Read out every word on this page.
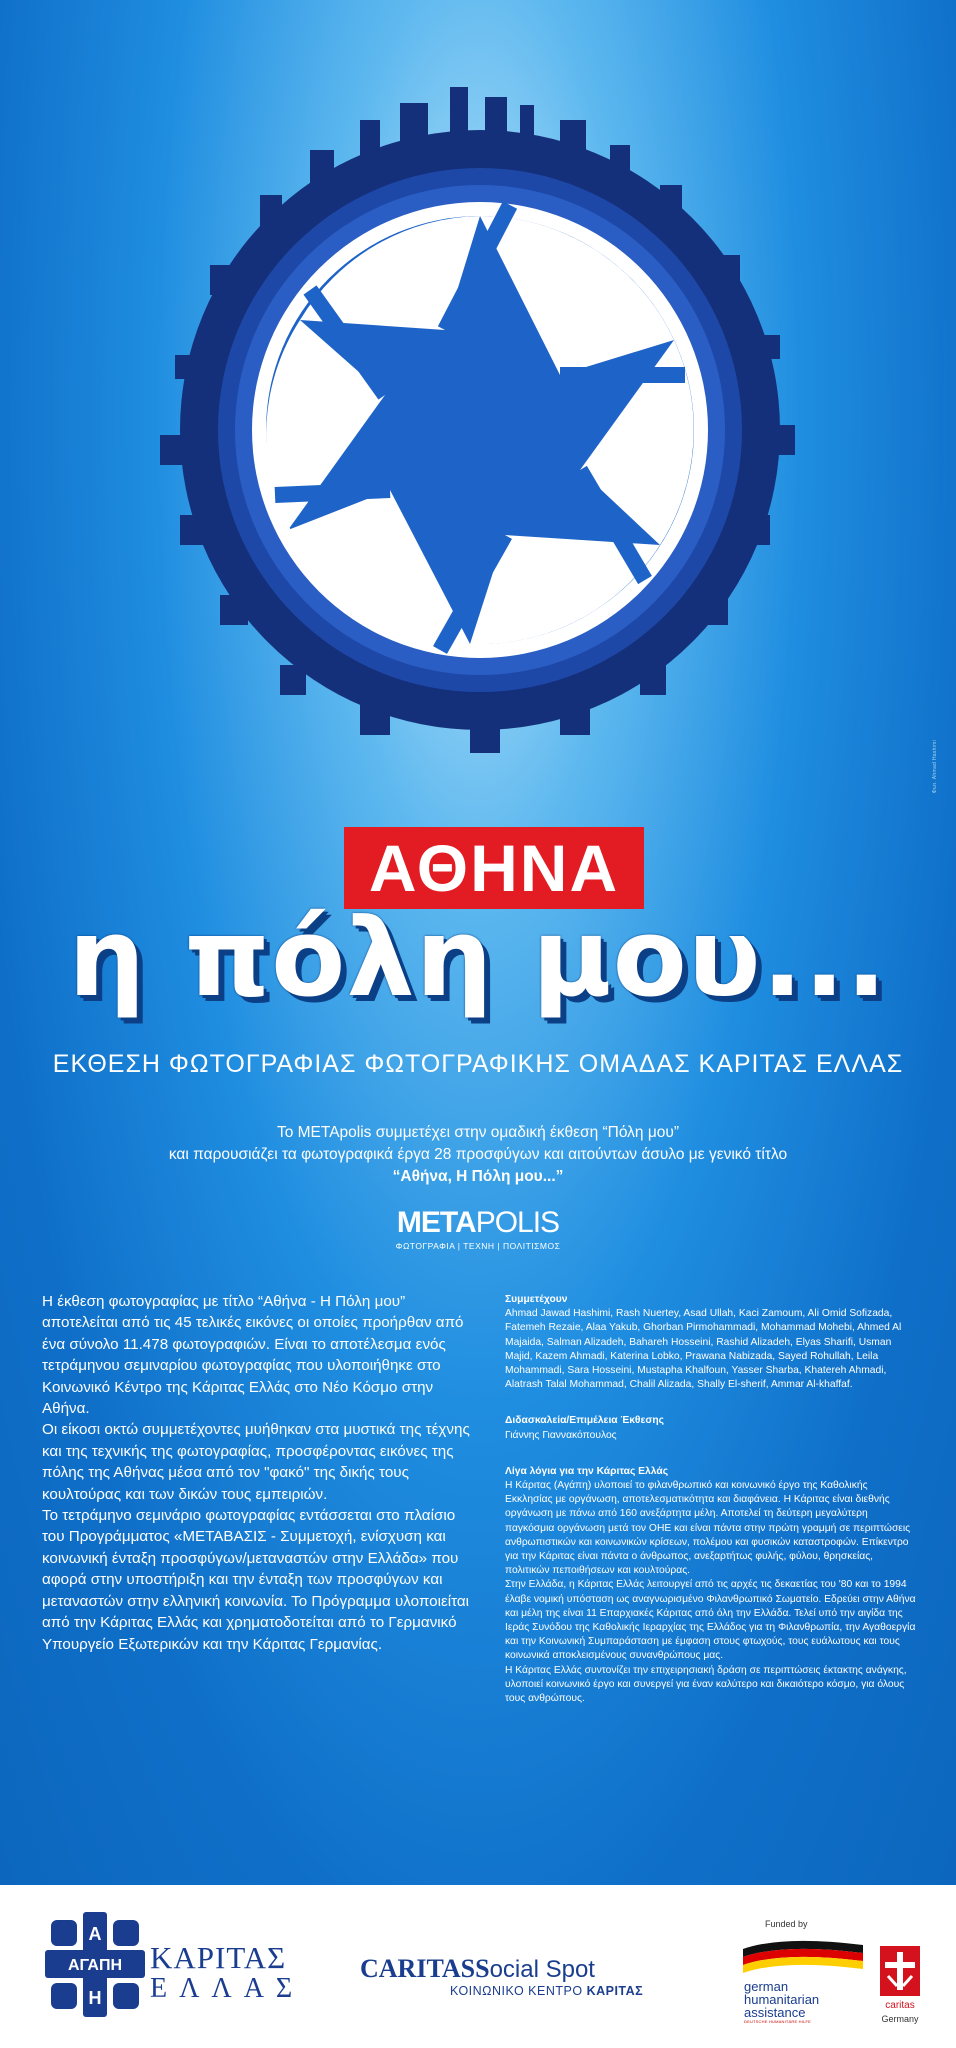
Φωτ. Ahmad Hashimi
ΑΘΗΝΑ
η πόλη μου...
ΕΚΘΕΣΗ ΦΩΤΟΓΡΑΦΙΑΣ ΦΩΤΟΓΡΑΦΙΚΗΣ ΟΜΑΔΑΣ ΚΑΡΙΤΑΣ ΕΛΛΑΣ
Το METApolis συμμετέχει στην ομαδική έκθεση “Πόλη μου”
και παρουσιάζει τα φωτογραφικά έργα 28 προσφύγων και αιτούντων άσυλο με γενικό τίτλο
“Αθήνα, Η Πόλη μου...”
METAPOLIS
ΦΩΤΟΓΡΑΦΙΑ | ΤΕΧΝΗ | ΠΟΛΙΤΙΣΜΟΣ

Η έκθεση φωτογραφίας με τίτλο “Αθήνα - Η Πόλη μου” αποτελείται από τις 45 τελικές εικόνες οι οποίες προήρθαν από ένα σύνολο 11.478 φωτογραφιών. Είναι το αποτέλεσμα ενός τετράμηνου σεμιναρίου φωτογραφίας που υλοποιήθηκε στο Κοινωνικό Κέντρο της Κάριτας Ελλάς στο Νέο Κόσμο στην Αθήνα.

Οι είκοσι οκτώ συμμετέχοντες μυήθηκαν στα μυστικά της τέχνης και της τεχνικής της φωτογραφίας, προσφέροντας εικόνες της πόλης της Αθήνας μέσα από τον "φακό" της δικής τους κουλτούρας και των δικών τους εμπειριών.

Το τετράμηνο σεμινάριο φωτογραφίας εντάσσεται στο πλαίσιο του Προγράμματος «ΜΕΤΑΒΑΣΙΣ - Συμμετοχή, ενίσχυση και κοινωνική ένταξη προσφύγων/μεταναστών στην Ελλάδα» που αφορά στην υποστήριξη και την ένταξη των προσφύγων και μεταναστών στην ελληνική κοινωνία. Το Πρόγραμμα υλοποιείται από την Κάριτας Ελλάς και χρηματοδοτείται από το Γερμανικό Υπουργείο Εξωτερικών και την Κάριτας Γερμανίας.

Συμμετέχουν

Ahmad Jawad Hashimi, Rash Nuertey, Asad Ullah, Kaci Zamoum, Ali Omid Sofizada, Fatemeh Rezaie, Alaa Yakub, Ghorban Pirmohammadi, Mohammad Mohebi, Ahmed Al Majaida, Salman Alizadeh, Bahareh Hosseini, Rashid Alizadeh, Elyas Sharifi, Usman Majid, Kazem Ahmadi, Katerina Lobko, Prawana Nabizada, Sayed Rohullah, Leila Mohammadi, Sara Hosseini, Mustapha Khalfoun, Yasser Sharba, Khatereh Ahmadi, Alatrash Talal Mohammad, Chalil Alizada, Shally El-sherif, Ammar Al-khaffaf.

Διδασκαλεία/Επιμέλεια Έκθεσης

Γιάννης Γιαννακόπουλος

Λίγα λόγια για την Κάριτας Ελλάς

Η Κάριτας (Αγάπη) υλοποιεί το φιλανθρωπικό και κοινωνικό έργο της Καθολικής Εκκλησίας με οργάνωση, αποτελεσματικότητα και διαφάνεια. Η Κάριτας είναι διεθνής οργάνωση με πάνω από 160 ανεξάρτητα μέλη. Αποτελεί τη δεύτερη μεγαλύτερη παγκόσμια οργάνωση μετά τον ΟΗΕ και είναι πάντα στην πρώτη γραμμή σε περιπτώσεις ανθρωπιστικών και κοινωνικών κρίσεων, πολέμου και φυσικών καταστροφών. Επίκεντρο για την Κάριτας είναι πάντα ο άνθρωπος, ανεξαρτήτως φυλής, φύλου, θρησκείας, πολιτικών πεποιθήσεων και κουλτούρας.

Στην Ελλάδα, η Κάριτας Ελλάς λειτουργεί από τις αρχές τις δεκαετίας του '80 και το 1994 έλαβε νομική υπόσταση ως αναγνωρισμένο Φιλανθρωπικό Σωματείο. Εδρεύει στην Αθήνα και μέλη της είναι 11 Επαρχιακές Κάριτας από όλη την Ελλάδα. Τελεί υπό την αιγίδα της Ιεράς Συνόδου της Καθολικής Ιεραρχίας της Ελλάδος για τη Φιλανθρωπία, την Αγαθοεργία και την Κοινωνική Συμπαράσταση με έμφαση στους φτωχούς, τους ευάλωτους και τους κοινωνικά αποκλεισμένους συνανθρώπους μας.

Η Κάριτας Ελλάς συντονίζει την επιχειρησιακή δράση σε περιπτώσεις έκτακτης ανάγκης, υλοποιεί κοινωνικό έργο και συνεργεί για έναν καλύτερο και δικαιότερο κόσμο, για όλους τους ανθρώπους.

Α
ΑΓΑΠΗ
Η
ΚΑΡΙΤΑΣ
ΕΛΛΑΣ
CARITASSocial Spot
ΚΟΙΝΩΝΙΚΟ ΚΕΝΤΡΟ ΚΑΡΙΤΑΣ
Funded by
german
humanitarian
assistance
DEUTSCHE HUMANITÄRE HILFE
caritas
Germany
